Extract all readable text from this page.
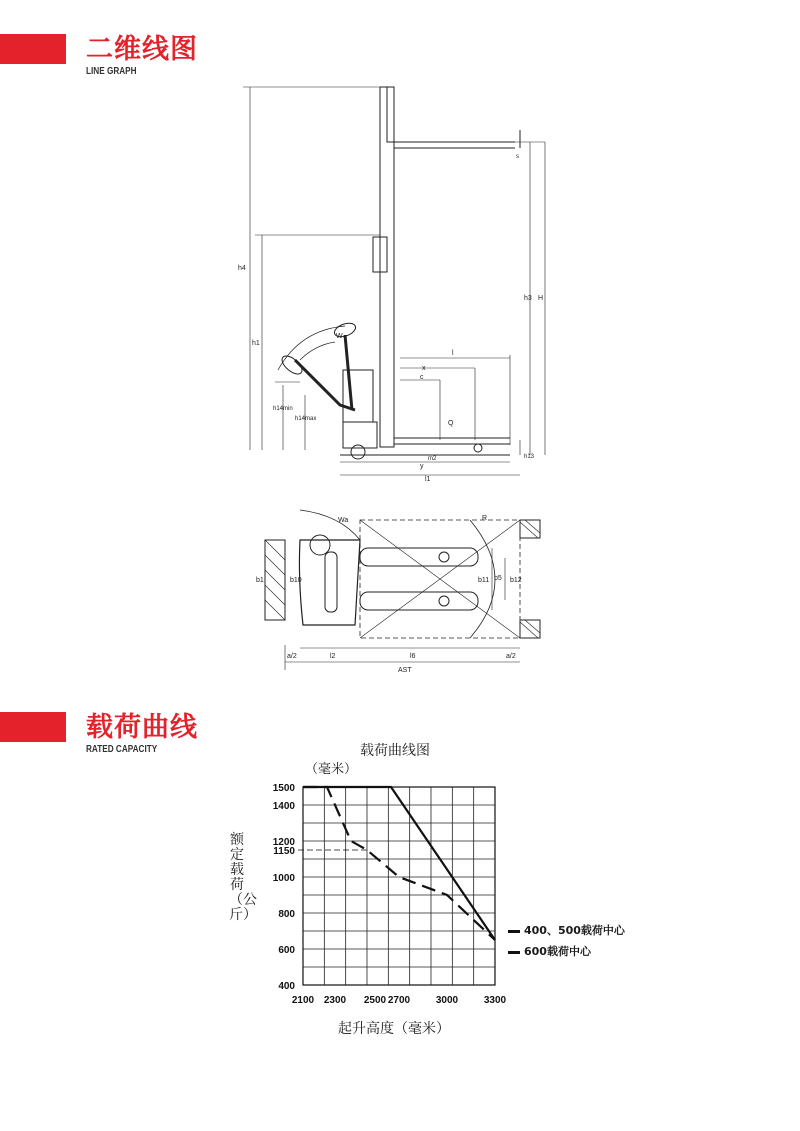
二维线图
LINE GRAPH
h4
h1
h14min
h14max
h3 H
h13
l
x
c
Q
y
l1
W
m2
s
Wa	R
b1	b10	b11	b12
b5
l2	l6
a/2	a/2
AST
载荷曲线
RATED CAPACITY	载荷曲线图
（毫米）
额定载荷（公斤）
起升高度（毫米）
400
600
800
1000
1150
1200
1400
1500
2100 2300 2500 2700	3000	3300
400、500载荷中心
600载荷中心
